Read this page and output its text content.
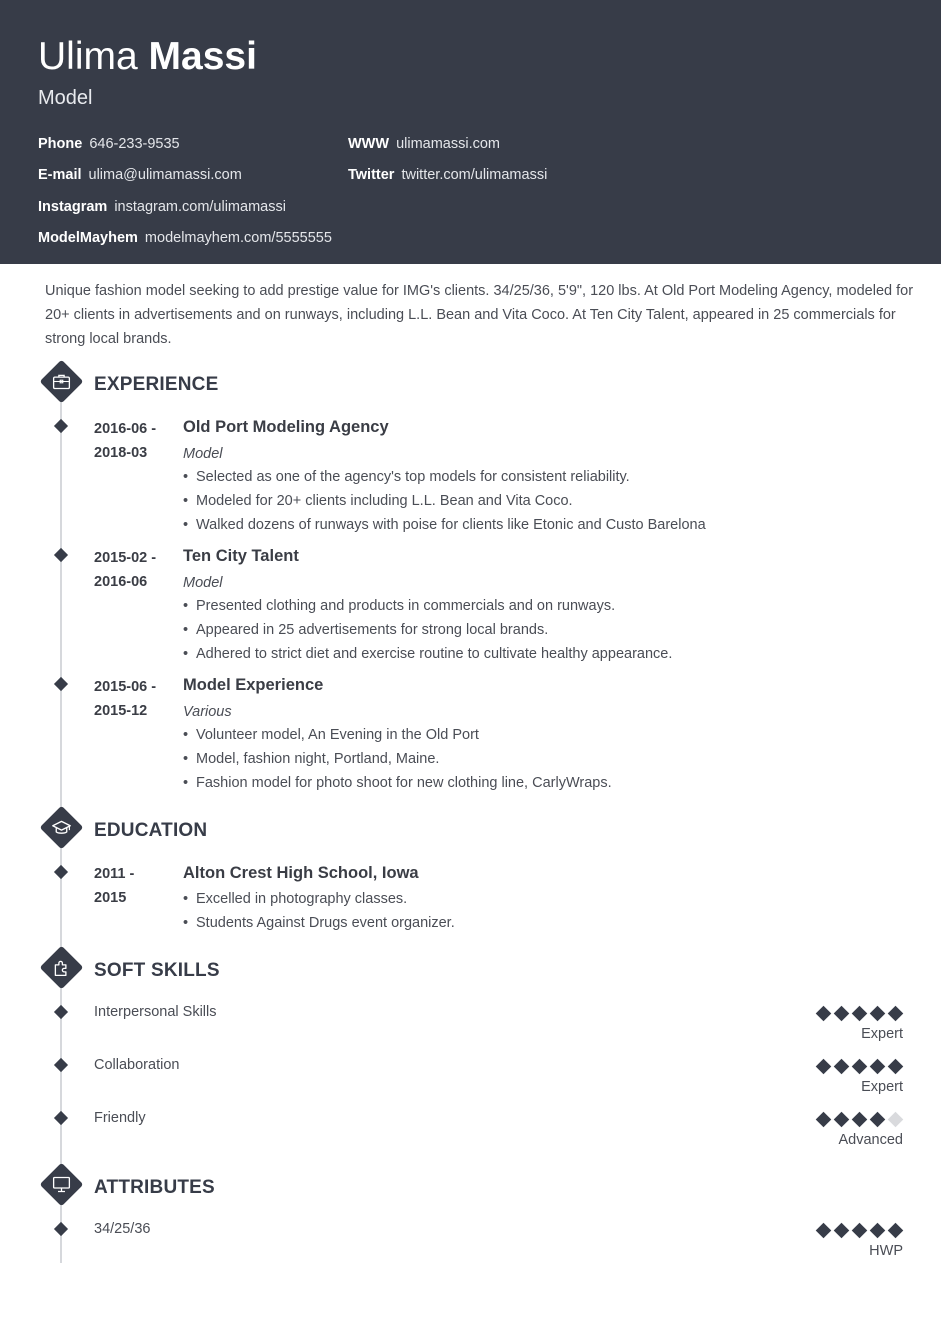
Ulima Massi
Model
Phone 646-233-9535
E-mail ulima@ulimamassi.com
Instagram instagram.com/ulimamassi
ModelMayhem modelmayhem.com/5555555
WWW ulimamassi.com
Twitter twitter.com/ulimamassi
Unique fashion model seeking to add prestige value for IMG's clients. 34/25/36, 5'9", 120 lbs. At Old Port Modeling Agency, modeled for 20+ clients in advertisements and on runways, including L.L. Bean and Vita Coco. At Ten City Talent, appeared in 25 commercials for strong local brands.
EXPERIENCE
2016-06 -
2018-03
Old Port Modeling Agency
Model
• Selected as one of the agency's top models for consistent reliability.
• Modeled for 20+ clients including L.L. Bean and Vita Coco.
• Walked dozens of runways with poise for clients like Etonic and Custo Barelona
2015-02 -
2016-06
Ten City Talent
Model
• Presented clothing and products in commercials and on runways.
• Appeared in 25 advertisements for strong local brands.
• Adhered to strict diet and exercise routine to cultivate healthy appearance.
2015-06 -
2015-12
Model Experience
Various
• Volunteer model, An Evening in the Old Port
• Model, fashion night, Portland, Maine.
• Fashion model for photo shoot for new clothing line, CarlyWraps.
EDUCATION
2011 -
2015
Alton Crest High School, Iowa
• Excelled in photography classes.
• Students Against Drugs event organizer.
SOFT SKILLS
Interpersonal Skills
Expert
Collaboration
Expert
Friendly
Advanced
ATTRIBUTES
34/25/36
HWP
